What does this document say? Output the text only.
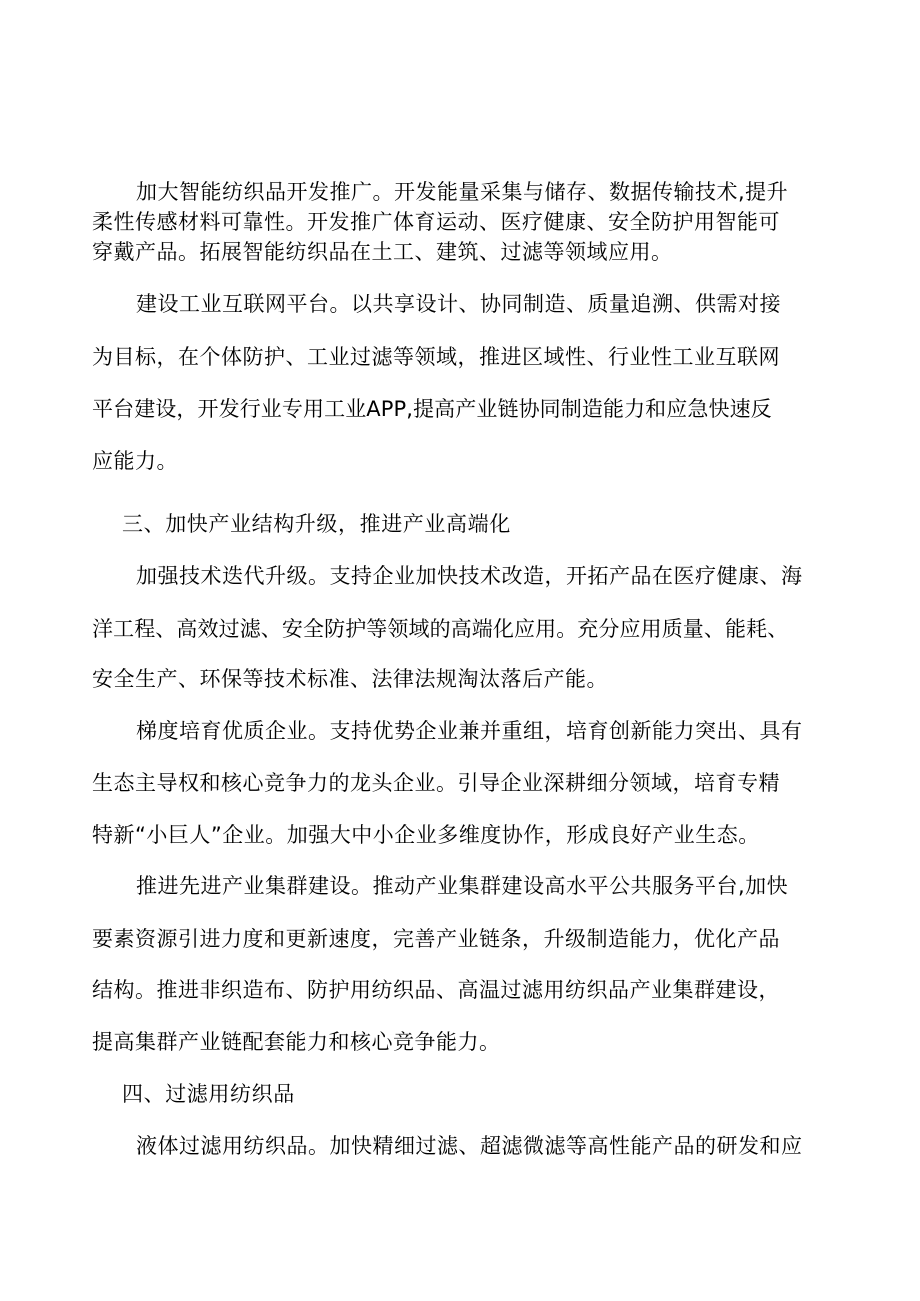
加大智能纺织品开发推广。开发能量采集与储存、数据传输技术,提升

柔性传感材料可靠性。开发推广体育运动、医疗健康、安全防护用智能可

穿戴产品。拓展智能纺织品在土工、建筑、过滤等领域应用。

建设工业互联网平台。以共享设计、协同制造、质量追溯、供需对接

为目标，在个体防护、工业过滤等领域，推进区域性、行业性工业互联网

平台建设，开发行业专用工业APP,提高产业链协同制造能力和应急快速反

应能力。

三、加快产业结构升级，推进产业高端化

加强技术迭代升级。支持企业加快技术改造，开拓产品在医疗健康、海

洋工程、高效过滤、安全防护等领域的高端化应用。充分应用质量、能耗、

安全生产、环保等技术标准、法律法规淘汰落后产能。

梯度培育优质企业。支持优势企业兼并重组，培育创新能力突出、具有

生态主导权和核心竞争力的龙头企业。引导企业深耕细分领域，培育专精

特新“小巨人”企业。加强大中小企业多维度协作，形成良好产业生态。

推进先进产业集群建设。推动产业集群建设高水平公共服务平台,加快

要素资源引进力度和更新速度，完善产业链条，升级制造能力，优化产品

结构。推进非织造布、防护用纺织品、高温过滤用纺织品产业集群建设，

提高集群产业链配套能力和核心竞争能力。

四、过滤用纺织品

液体过滤用纺织品。加快精细过滤、超滤微滤等高性能产品的研发和应
